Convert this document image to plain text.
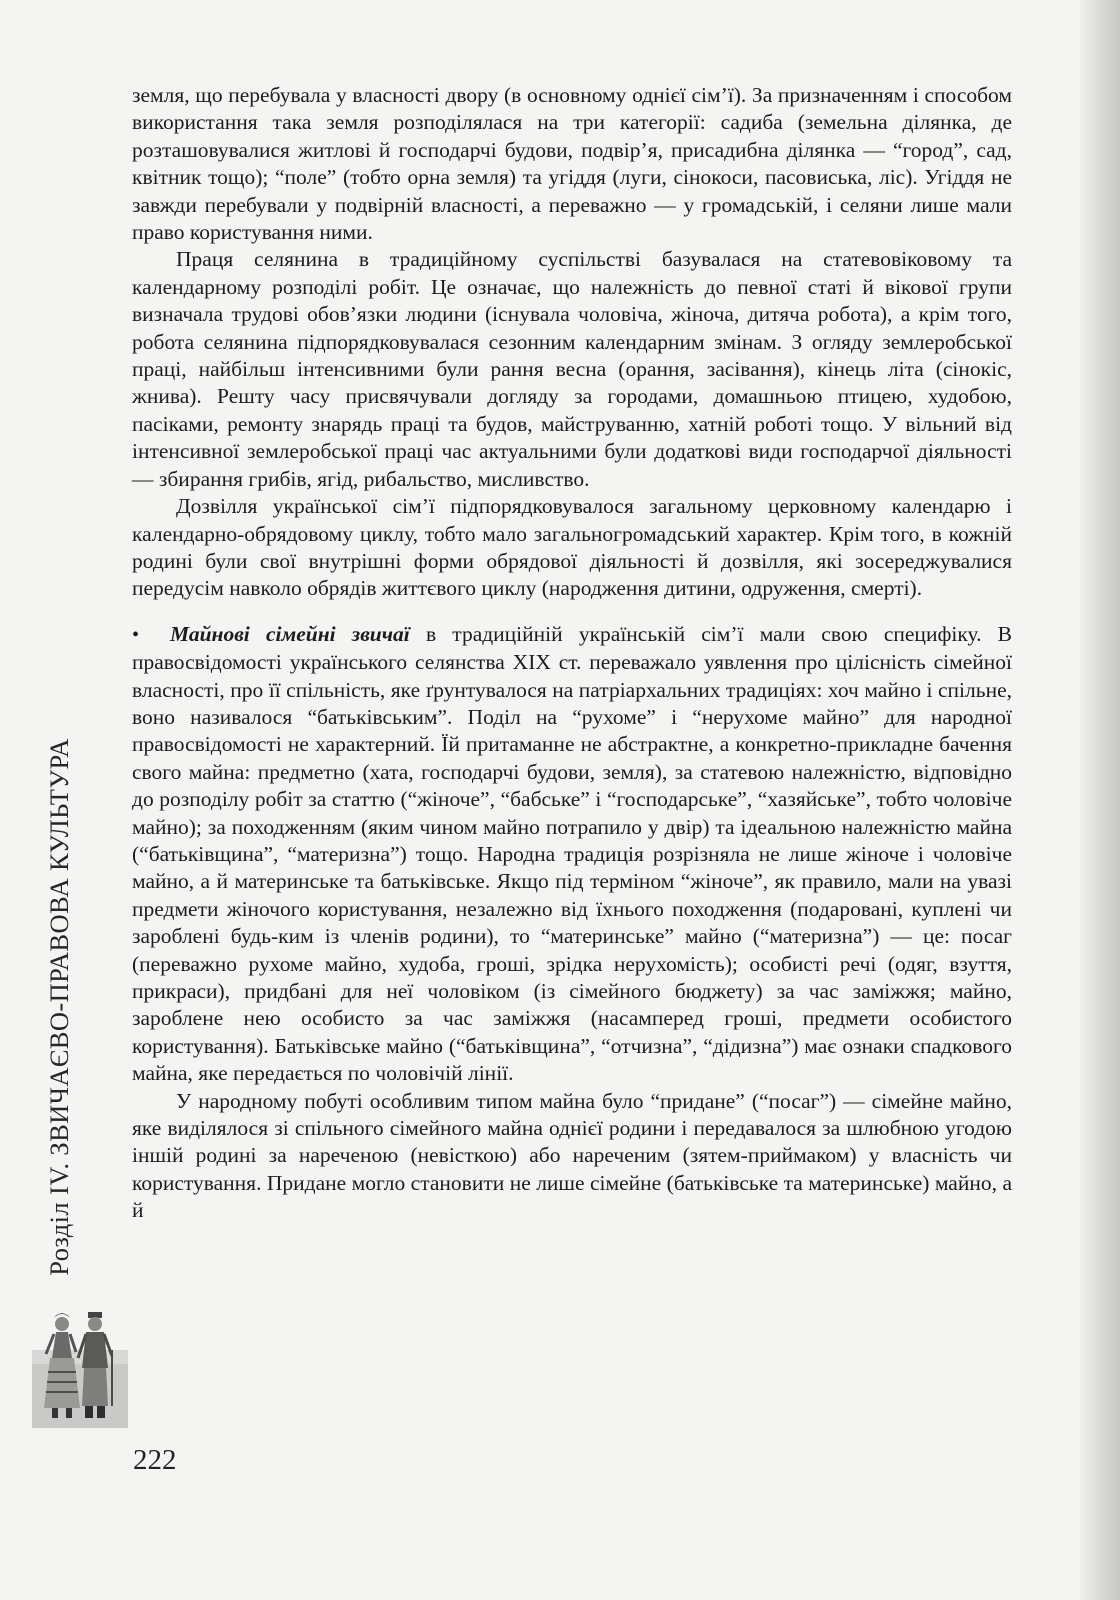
земля, що перебувала у власності двору (в основному однієї сім’ї). За призначенням і способом використання така земля розподілялася на три категорії: садиба (земельна ділянка, де розташовувалися житлові й господарчі будови, подвір’я, присадибна ділянка — “город”, сад, квітник тощо); “поле” (тобто орна земля) та угіддя (луги, сінокоси, пасовиська, ліс). Угіддя не завжди перебували у подвірній власності, а переважно — у громадській, і селяни лише мали право користування ними.

Праця селянина в традиційному суспільстві базувалася на статевовіковому та календарному розподілі робіт. Це означає, що належність до певної статі й вікової групи визначала трудові обов’язки людини (існувала чоловіча, жіноча, дитяча робота), а крім того, робота селянина підпорядковувалася сезонним календарним змінам. З огляду землеробської праці, найбільш інтенсивними були рання весна (орання, засівання), кінець літа (сінокіс, жнива). Решту часу присвячували догляду за городами, домашньою птицею, худобою, пасіками, ремонту знарядь праці та будов, майструванню, хатній роботі тощо. У вільний від інтенсивної землеробської праці час актуальними були додаткові види господарчої діяльності — збирання грибів, ягід, рибальство, мисливство.

Дозвілля української сім’ї підпорядковувалося загальному церковному календарю і календарно-обрядовому циклу, тобто мало загальногромадський характер. Крім того, в кожній родині були свої внутрішні форми обрядової діяльності й дозвілля, які зосереджувалися передусім навколо обрядів життєвого циклу (народження дитини, одруження, смерті).

• Майнові сімейні звичаї в традиційній українській сім’ї мали свою специфіку. В правосвідомості українського селянства XIX ст. переважало уявлення про цілісність сімейної власності, про її спільність, яке ґрунтувалося на патріархальних традиціях: хоч майно і спільне, воно називалося “батьківським”. Поділ на “рухоме” і “нерухоме майно” для народної правосвідомості не характерний. Їй притаманне не абстрактне, а конкретно-прикладне бачення свого майна: предметно (хата, господарчі будови, земля), за статевою належністю, відповідно до розподілу робіт за статтю (“жіноче”, “бабське” і “господарське”, “хазяйське”, тобто чоловіче майно); за походженням (яким чином майно потрапило у двір) та ідеальною належністю майна (“батьківщина”, “материзна”) тощо. Народна традиція розрізняла не лише жіноче і чоловіче майно, а й материнське та батьківське. Якщо під терміном “жіноче”, як правило, мали на увазі предмети жіночого користування, незалежно від їхнього походження (подаровані, куплені чи зароблені будь-ким із членів родини), то “материнське” майно (“материзна”) — це: посаг (переважно рухоме майно, худоба, гроші, зрідка нерухомість); особисті речі (одяг, взуття, прикраси), придбані для неї чоловіком (із сімейного бюджету) за час заміжжя; майно, зароблене нею особисто за час заміжжя (насамперед гроші, предмети особистого користування). Батьківське майно (“батьківщина”, “отчизна”, “дідизна”) має ознаки спадкового майна, яке передається по чоловічій лінії.

У народному побуті особливим типом майна було “придане” (“посаг”) — сімейне майно, яке виділялося зі спільного сімейного майна однієї родини і передавалося за шлюбною угодою іншій родині за нареченою (невісткою) або нареченим (зятем-приймаком) у власність чи користування. Придане могло становити не лише сімейне (батьківське та материнське) майно, а й

Розділ IV. ЗВИЧАЄВО-ПРАВОВА КУЛЬТУРА
222
